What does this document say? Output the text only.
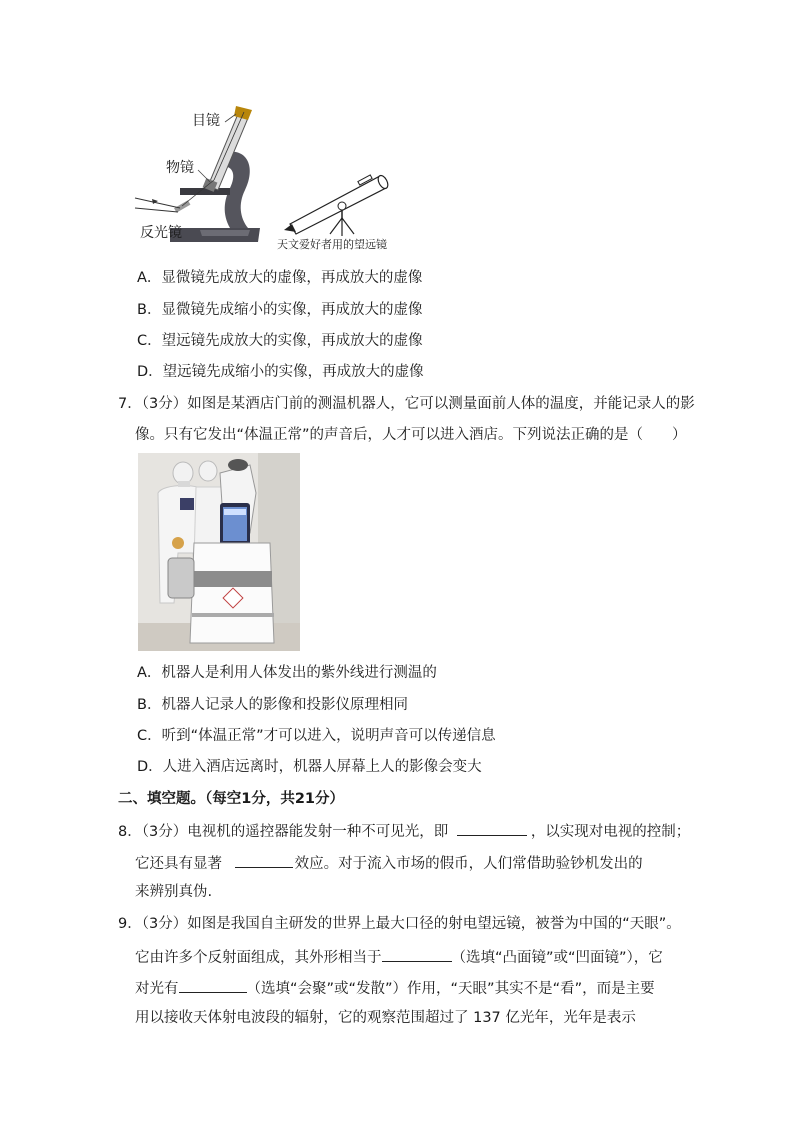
目镜
物镜
反光镜
天文爱好者用的望远镜
A．显微镜先成放大的虚像，再成放大的虚像
B．显微镜先成缩小的实像，再成放大的虚像
C．望远镜先成放大的实像，再成放大的虚像
D．望远镜先成缩小的实像，再成放大的虚像
7．（3分）如图是某酒店门前的测温机器人，它可以测量面前人体的温度，并能记录人的影
像。只有它发出“体温正常”的声音后，人才可以进入酒店。下列说法正确的是（　　）
A．机器人是利用人体发出的紫外线进行测温的
B．机器人记录人的影像和投影仪原理相同
C．听到“体温正常”才可以进入，说明声音可以传递信息
D．人进入酒店远离时，机器人屏幕上人的影像会变大
二、填空题。（每空1分，共21分）
8．（3分）电视机的遥控器能发射一种不可见光，即	，以实现对电视的控制；
它还具有显著	效应。对于流入市场的假币，人们常借助验钞机发出的
来辨别真伪.
9．（3分）如图是我国自主研发的世界上最大口径的射电望远镜，被誉为中国的“天眼”。
它由许多个反射面组成，其外形相当于	（选填“凸面镜”或“凹面镜”），它
对光有	（选填“会聚”或“发散”）作用，“天眼”其实不是“看”，而是主要
用以接收天体射电波段的辐射，它的观察范围超过了 137 亿光年，光年是表示
